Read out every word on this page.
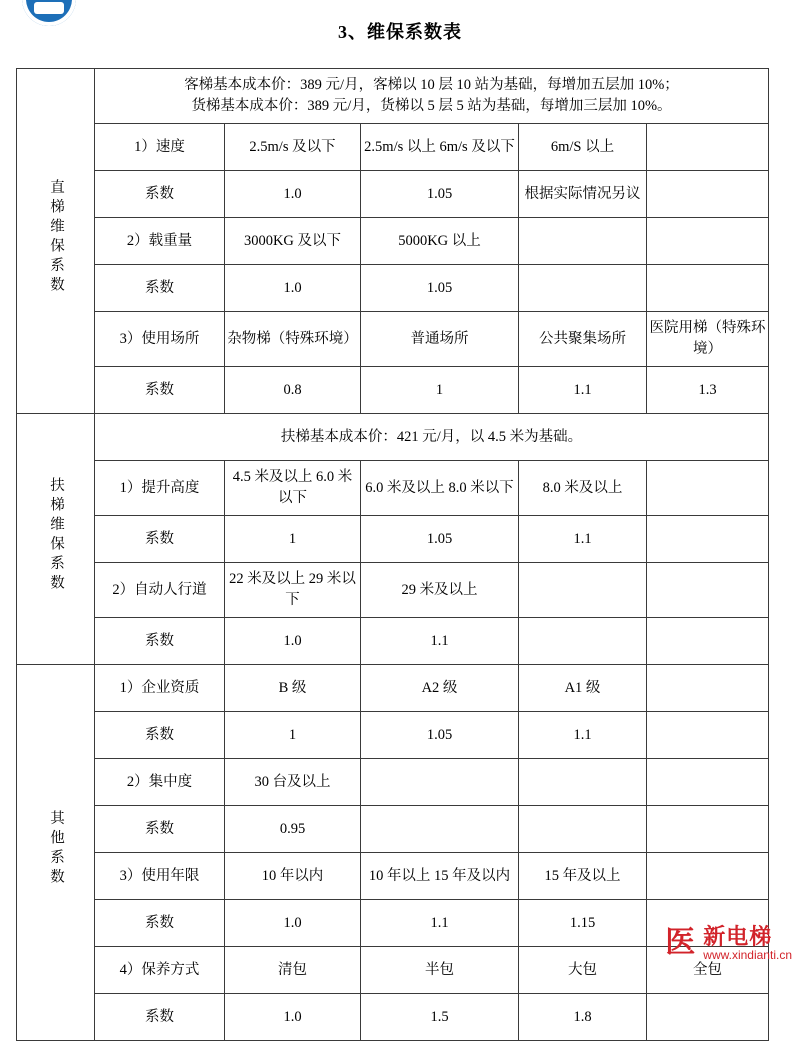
3、维保系数表
直梯维保系数	客梯基本成本价：389 元/月，客梯以 10 层 10 站为基础，每增加五层加 10%；
货梯基本成本价：389 元/月，货梯以 5 层 5 站为基础，每增加三层加 10%。				

	1）速度	2.5m/s 及以下	2.5m/s 以上 6m/s 及以下	6m/S 以上	
	系数	1.0	1.05	根据实际情况另议	
	2）载重量	3000KG 及以下	5000KG 以上		
	系数	1.0	1.05		
	3）使用场所	杂物梯（特殊环境）	普通场所	公共聚集场所	医院用梯（特殊环境）
	系数	0.8	1	1.1	1.3
扶梯维保系数	扶梯基本成本价：421 元/月，以 4.5 米为基础。				

	1）提升高度	4.5 米及以上 6.0 米以下	6.0 米及以上 8.0 米以下	8.0 米及以上	
	系数	1	1.05	1.1	
	2）自动人行道	22 米及以上 29 米以下	29 米及以上		
	系数	1.0	1.1		
其他系数	1）企业资质	B 级	A2 级	A1 级	
	系数	1	1.05	1.1	
	2）集中度	30 台及以上			
	系数	0.95			
	3）使用年限	10 年以内	10 年以上 15 年及以内	15 年及以上	
	系数	1.0	1.1	1.15	
	4）保养方式	清包	半包	大包	全包
	系数	1.0	1.5	1.8	
医 新电梯
www.xindianti.cn
